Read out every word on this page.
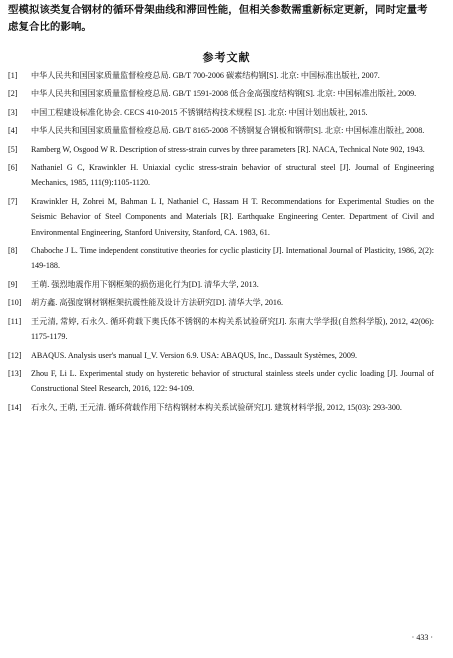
型模拟该类复合钢材的循环骨架曲线和滞回性能，但相关参数需重新标定更新，同时定量考虑复合比的影响。
参考文献
[1]	中华人民共和国国家质量监督检疫总局. GB/T 700-2006 碳素结构钢[S]. 北京: 中国标准出版社, 2007.
[2]	中华人民共和国国家质量监督检疫总局. GB/T 1591-2008 低合金高强度结构钢[S]. 北京: 中国标准出版社, 2009.
[3]	中国工程建设标准化协会. CECS 410-2015 不锈钢结构技术规程 [S]. 北京: 中国计划出版社, 2015.
[4]	中华人民共和国国家质量监督检疫总局. GB/T 8165-2008 不锈钢复合钢板和钢带[S]. 北京: 中国标准出版社, 2008.
[5]	Ramberg W, Osgood W R. Description of stress-strain curves by three parameters [R]. NACA, Technical Note 902, 1943.
[6]	Nathaniel G C, Krawinkler H. Uniaxial cyclic stress-strain behavior of structural steel [J]. Journal of Engineering Mechanics, 1985, 111(9):1105-1120.
[7]	Krawinkler H, Zohrei M, Bahman L I, Nathaniel C, Hassam H T. Recommendations for Experimental Studies on the Seismic Behavior of Steel Components and Materials [R]. Earthquake Engineering Center. Department of Civil and Environmental Engineering, Stanford University, Stanford, CA. 1983, 61.
[8]	Chaboche J L. Time independent constitutive theories for cyclic plasticity [J]. International Journal of Plasticity, 1986, 2(2): 149-188.
[9]	王萌. 强烈地震作用下钢框架的损伤退化行为[D]. 清华大学, 2013.
[10]	胡方鑫. 高强度钢材钢框架抗震性能及设计方法研究[D]. 清华大学, 2016.
[11]	王元清, 常婷, 石永久. 循环荷载下奥氏体不锈钢的本构关系试验研究[J]. 东南大学学报(自然科学版), 2012, 42(06): 1175-1179.
[12]	ABAQUS. Analysis user's manual I_V. Version 6.9. USA: ABAQUS, Inc., Dassault Systèmes, 2009.
[13]	Zhou F, Li L. Experimental study on hysteretic behavior of structural stainless steels under cyclic loading [J]. Journal of Constructional Steel Research, 2016, 122: 94-109.
[14]	石永久, 王萌, 王元清. 循环荷载作用下结构钢材本构关系试验研究[J]. 建筑材料学报, 2012, 15(03): 293-300.
· 433 ·
